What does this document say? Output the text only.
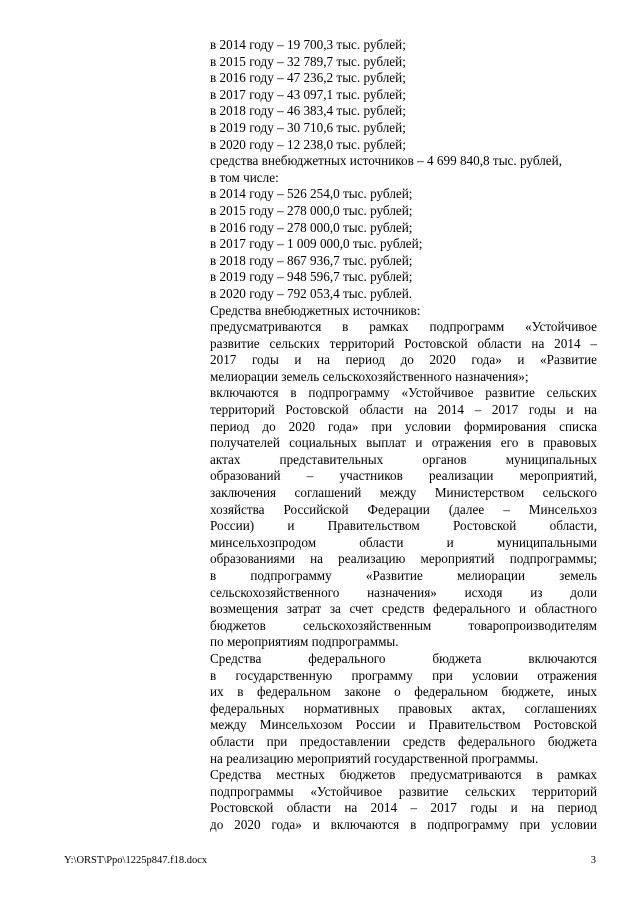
в 2014 году – 19 700,3 тыс. рублей;
в 2015 году – 32 789,7 тыс. рублей;
в 2016 году – 47 236,2 тыс. рублей;
в 2017 году – 43 097,1 тыс. рублей;
в 2018 году – 46 383,4 тыс. рублей;
в 2019 году – 30 710,6 тыс. рублей;
в 2020 году – 12 238,0 тыс. рублей;
средства внебюджетных источников – 4 699 840,8 тыс. рублей,
в том числе:
в 2014 году – 526 254,0 тыс. рублей;
в 2015 году – 278 000,0 тыс. рублей;
в 2016 году – 278 000,0 тыс. рублей;
в 2017 году – 1 009 000,0 тыс. рублей;
в 2018 году – 867 936,7 тыс. рублей;
в 2019 году – 948 596,7 тыс. рублей;
в 2020 году – 792 053,4 тыс. рублей.
Средства внебюджетных источников:
предусматриваются в рамках подпрограмм «Устойчивое
развитие сельских территорий Ростовской области на 2014 –
2017 годы и на период до 2020 года» и «Развитие
мелиорации земель сельскохозяйственного назначения»;
включаются в подпрограмму «Устойчивое развитие сельских
территорий Ростовской области на 2014 – 2017 годы и на
период до 2020 года» при условии формирования списка
получателей социальных выплат и отражения его в правовых
актах представительных органов муниципальных
образований – участников реализации мероприятий,
заключения соглашений между Министерством сельского
хозяйства Российской Федерации (далее – Минсельхоз
России) и Правительством Ростовской области,
минсельхозпродом области и муниципальными
образованиями на реализацию мероприятий подпрограммы;
в подпрограмму «Развитие мелиорации земель
сельскохозяйственного назначения» исходя из доли
возмещения затрат за счет средств федерального и областного
бюджетов сельскохозяйственным товаропроизводителям
по мероприятиям подпрограммы.
Средства федерального бюджета включаются
в государственную программу при условии отражения
их в федеральном законе о федеральном бюджете, иных
федеральных нормативных правовых актах, соглашениях
между Минсельхозом России и Правительством Ростовской
области при предоставлении средств федерального бюджета
на реализацию мероприятий государственной программы.
Средства местных бюджетов предусматриваются в рамках
подпрограммы «Устойчивое развитие сельских территорий
Ростовской области на 2014 – 2017 годы и на период
до 2020 года» и включаются в подпрограмму при условии
Y:\ORST\Ppo\1225p847.f18.docx	3
